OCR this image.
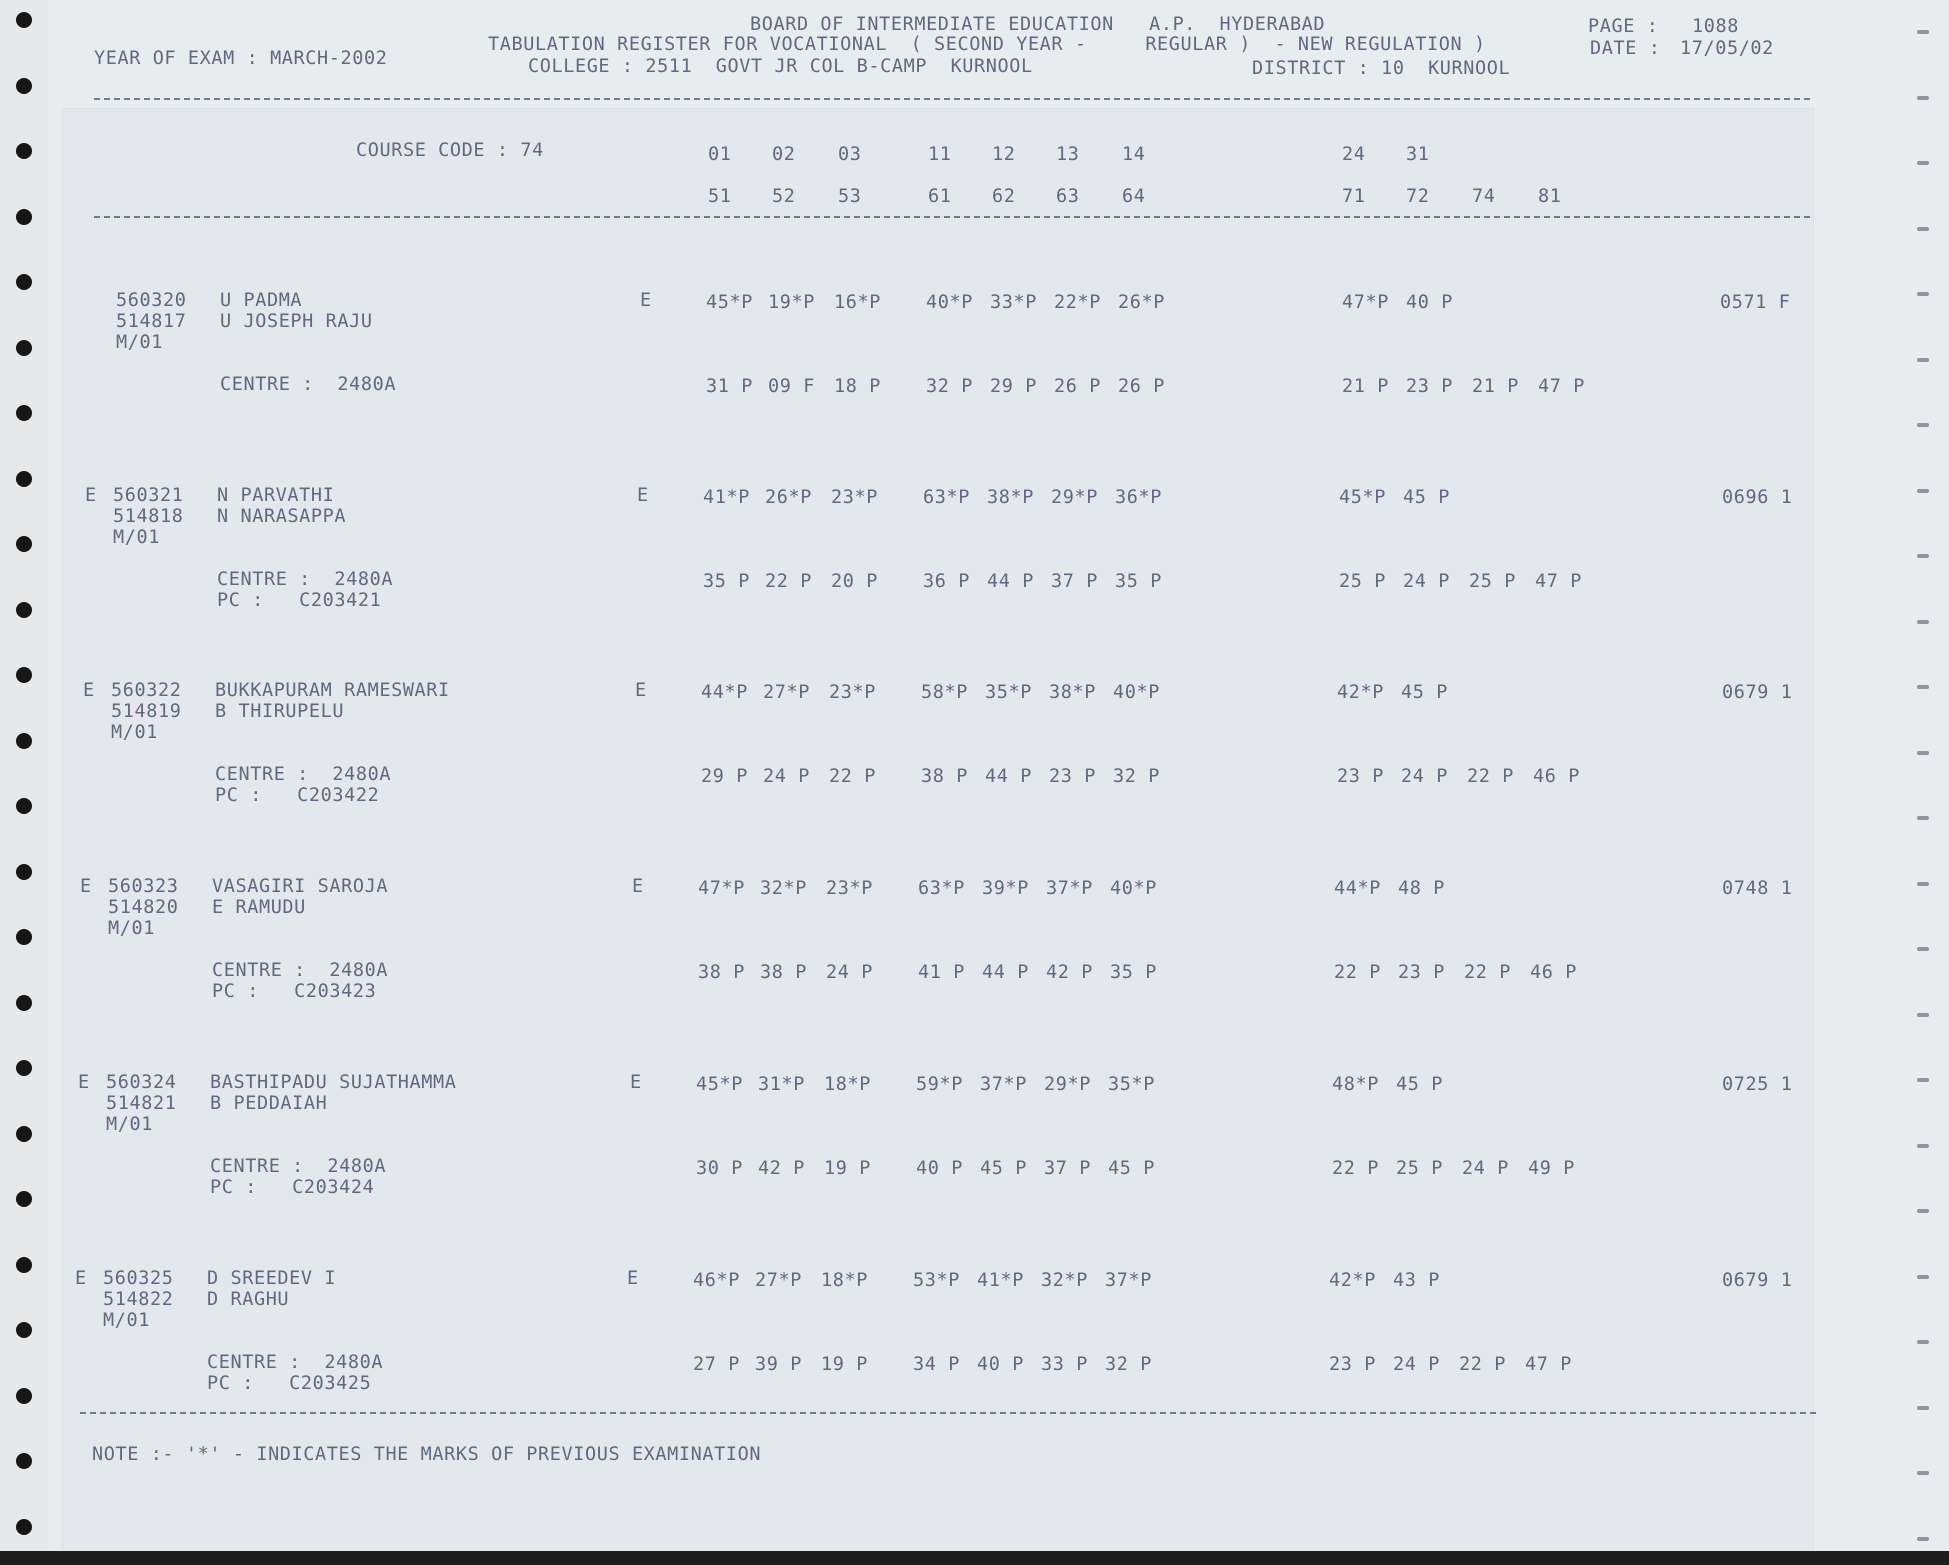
BOARD OF INTERMEDIATE EDUCATION   A.P.  HYDERABAD	PAGE : 1088
YEAR OF EXAM : MARCH-2002
TABULATION REGISTER FOR VOCATIONAL  ( SECOND YEAR -     REGULAR )  - NEW REGULATION )	DATE : 17/05/02
COLLEGE : 2511  GOVT JR COL B-CAMP  KURNOOL	DISTRICT : 10  KURNOOL
COURSE CODE : 74	01 02 03	11 12 13 14	24 31
51 52 53	61 62 63 64	71 72 74 81
560320 U PADMA
514817 U JOSEPH RAJU
M/01
E	45*P 19*P 16*P 40*P 33*P 22*P 26*P	47*P 40 P	0571 F
CENTRE :  2480A	31 P 09 F 18 P 32 P 29 P 26 P 26 P	21 P 23 P 21 P 47 P
E 560321 N PARVATHI
514818 N NARASAPPA
M/01
E	41*P 26*P 23*P 63*P 38*P 29*P 36*P	45*P 45 P	0696 1
CENTRE :  2480A
PC :   C203421
35 P 22 P 20 P 36 P 44 P 37 P 35 P	25 P 24 P 25 P 47 P
E 560322 BUKKAPURAM RAMESWARI
514819 B THIRUPELU
M/01
E	44*P 27*P 23*P 58*P 35*P 38*P 40*P	42*P 45 P	0679 1
CENTRE :  2480A
PC :   C203422
29 P 24 P 22 P 38 P 44 P 23 P 32 P	23 P 24 P 22 P 46 P
E 560323 VASAGIRI SAROJA
514820 E RAMUDU
M/01
E	47*P 32*P 23*P 63*P 39*P 37*P 40*P	44*P 48 P	0748 1
CENTRE :  2480A
PC :   C203423
38 P 38 P 24 P 41 P 44 P 42 P 35 P	22 P 23 P 22 P 46 P
E 560324 BASTHIPADU SUJATHAMMA
514821 B PEDDAIAH
M/01
E	45*P 31*P 18*P 59*P 37*P 29*P 35*P	48*P 45 P	0725 1
CENTRE :  2480A
PC :   C203424
30 P 42 P 19 P 40 P 45 P 37 P 45 P	22 P 25 P 24 P 49 P
E 560325 D SREEDEV I
514822 D RAGHU
M/01
E	46*P 27*P 18*P 53*P 41*P 32*P 37*P	42*P 43 P	0679 1
CENTRE :  2480A
PC :   C203425
27 P 39 P 19 P 34 P 40 P 33 P 32 P	23 P 24 P 22 P 47 P
NOTE :- '*' - INDICATES THE MARKS OF PREVIOUS EXAMINATION
